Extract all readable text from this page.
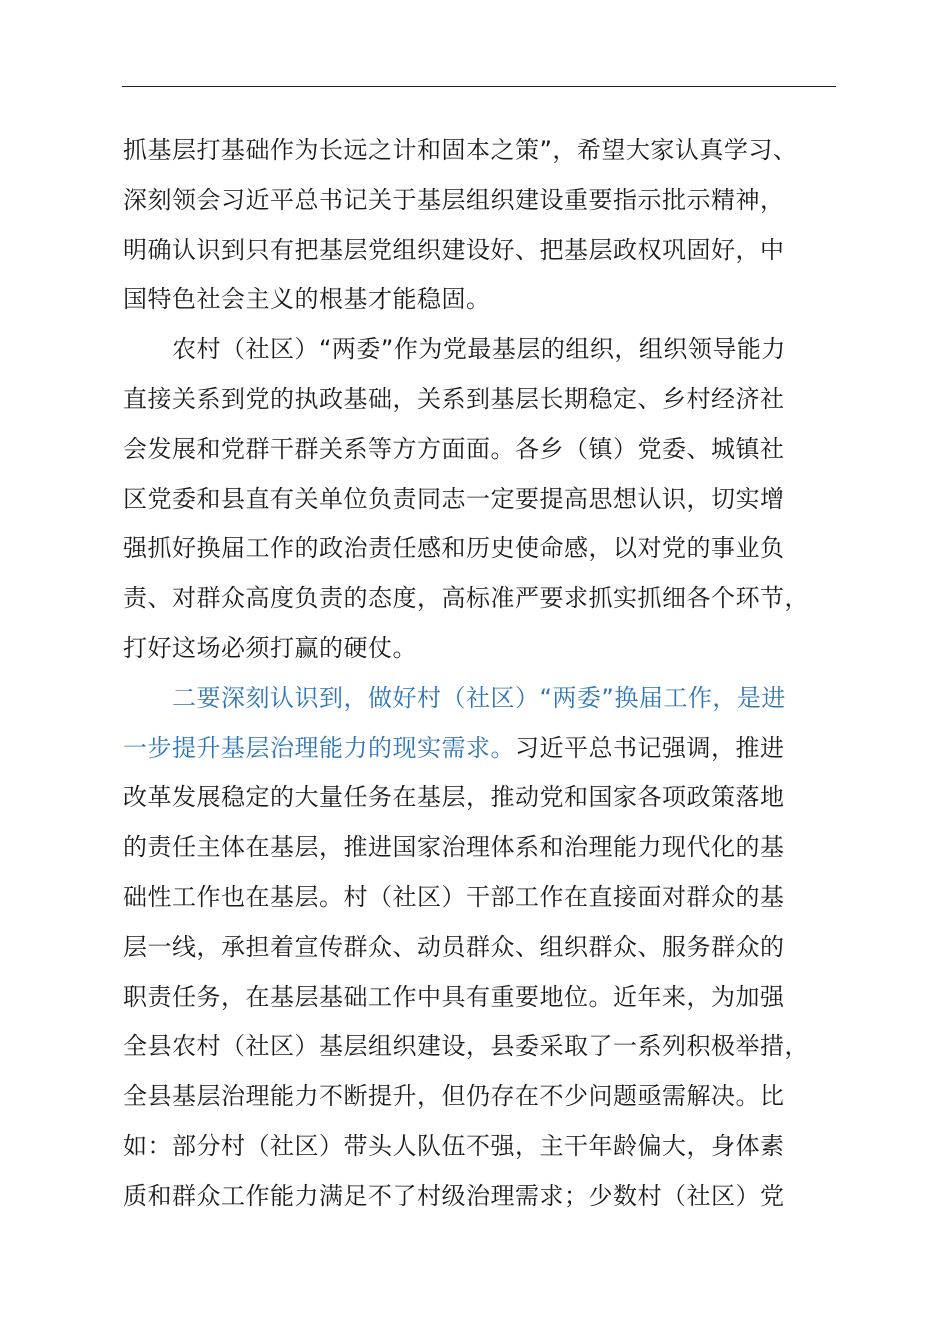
抓基层打基础作为长远之计和固本之策”，希望大家认真学习、
深刻领会习近平总书记关于基层组织建设重要指示批示精神，
明确认识到只有把基层党组织建设好、把基层政权巩固好，中
国特色社会主义的根基才能稳固。
　　农村（社区）“两委”作为党最基层的组织，组织领导能力
直接关系到党的执政基础，关系到基层长期稳定、乡村经济社
会发展和党群干群关系等方方面面。各乡（镇）党委、城镇社
区党委和县直有关单位负责同志一定要提高思想认识，切实增
强抓好换届工作的政治责任感和历史使命感，以对党的事业负
责、对群众高度负责的态度，高标准严要求抓实抓细各个环节，
打好这场必须打赢的硬仗。
　　二要深刻认识到，做好村（社区）“两委”换届工作，是进
一步提升基层治理能力的现实需求。习近平总书记强调，推进
改革发展稳定的大量任务在基层，推动党和国家各项政策落地
的责任主体在基层，推进国家治理体系和治理能力现代化的基
础性工作也在基层。村（社区）干部工作在直接面对群众的基
层一线，承担着宣传群众、动员群众、组织群众、服务群众的
职责任务，在基层基础工作中具有重要地位。近年来，为加强
全县农村（社区）基层组织建设，县委采取了一系列积极举措，
全县基层治理能力不断提升，但仍存在不少问题亟需解决。比
如：部分村（社区）带头人队伍不强，主干年龄偏大，身体素
质和群众工作能力满足不了村级治理需求；少数村（社区）党
